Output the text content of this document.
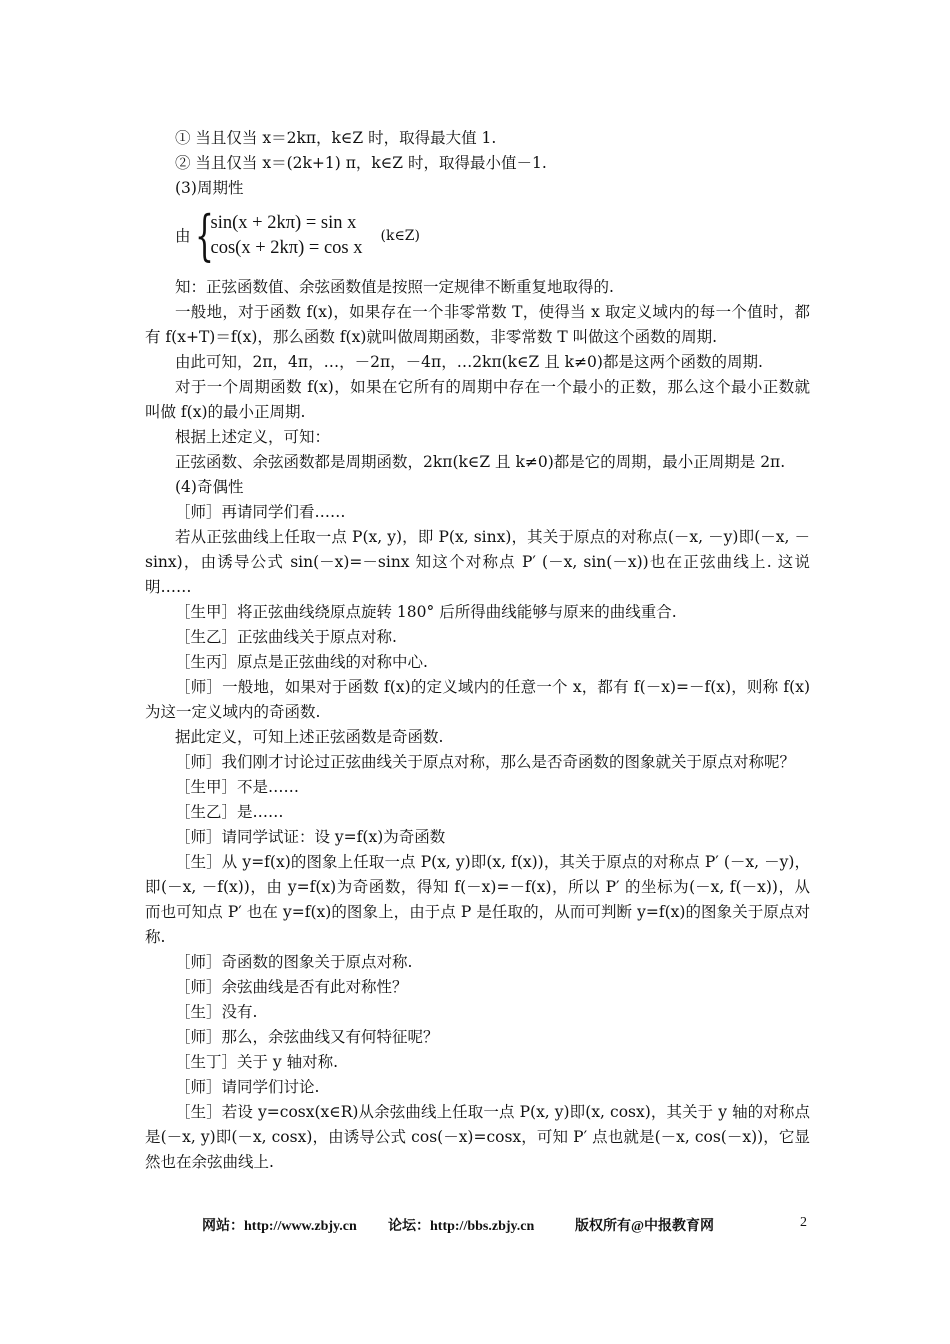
① 当且仅当 x＝2kπ，k∈Z 时，取得最大值 1.

② 当且仅当 x＝(2k+1) π，k∈Z 时，取得最小值－1.

(3)周期性

由 {
sin(x + 2kπ) = sin x
cos(x + 2kπ) = cos x
(k∈Z)

知：正弦函数值、余弦函数值是按照一定规律不断重复地取得的.

一般地，对于函数 f(x)，如果存在一个非零常数 T，使得当 x 取定义域内的每一个值时，都有 f(x+T)＝f(x)，那么函数 f(x)就叫做周期函数，非零常数 T 叫做这个函数的周期.

由此可知，2π，4π，…，－2π，－4π，…2kπ(k∈Z 且 k≠0)都是这两个函数的周期.

对于一个周期函数 f(x)，如果在它所有的周期中存在一个最小的正数，那么这个最小正数就叫做 f(x)的最小正周期.

根据上述定义，可知：

正弦函数、余弦函数都是周期函数，2kπ(k∈Z 且 k≠0)都是它的周期，最小正周期是 2π.

(4)奇偶性

［师］再请同学们看……

若从正弦曲线上任取一点 P(x, y)，即 P(x, sinx)，其关于原点的对称点(－x, －y)即(－x, －sinx)，由诱导公式 sin(－x)=－sinx 知这个对称点 P′ (－x, sin(－x))也在正弦曲线上. 这说明……

［生甲］将正弦曲线绕原点旋转 180° 后所得曲线能够与原来的曲线重合.

［生乙］正弦曲线关于原点对称.

［生丙］原点是正弦曲线的对称中心.

［师］一般地，如果对于函数 f(x)的定义域内的任意一个 x，都有 f(－x)=－f(x)，则称 f(x)为这一定义域内的奇函数.

据此定义，可知上述正弦函数是奇函数.

［师］我们刚才讨论过正弦曲线关于原点对称，那么是否奇函数的图象就关于原点对称呢？

［生甲］不是……

［生乙］是……

［师］请同学试证：设 y=f(x)为奇函数

［生］从 y=f(x)的图象上任取一点 P(x, y)即(x, f(x))，其关于原点的对称点 P′ (－x, －y)，即(－x, －f(x))，由 y=f(x)为奇函数，得知 f(－x)=－f(x)，所以 P′ 的坐标为(－x, f(－x))，从而也可知点 P′ 也在 y=f(x)的图象上，由于点 P 是任取的，从而可判断 y=f(x)的图象关于原点对称.

［师］奇函数的图象关于原点对称.

［师］余弦曲线是否有此对称性？

［生］没有.

［师］那么，余弦曲线又有何特征呢？

［生丁］关于 y 轴对称.

［师］请同学们讨论.

［生］若设 y=cosx(x∈R)从余弦曲线上任取一点 P(x, y)即(x, cosx)，其关于 y 轴的对称点是(－x, y)即(－x, cosx)，由诱导公式 cos(－x)=cosx，可知 P′ 点也就是(－x, cos(－x))，它显然也在余弦曲线上.

网站：http://www.zbjy.cn 论坛：http://bbs.zbjy.cn	版权所有@中报教育网	2
